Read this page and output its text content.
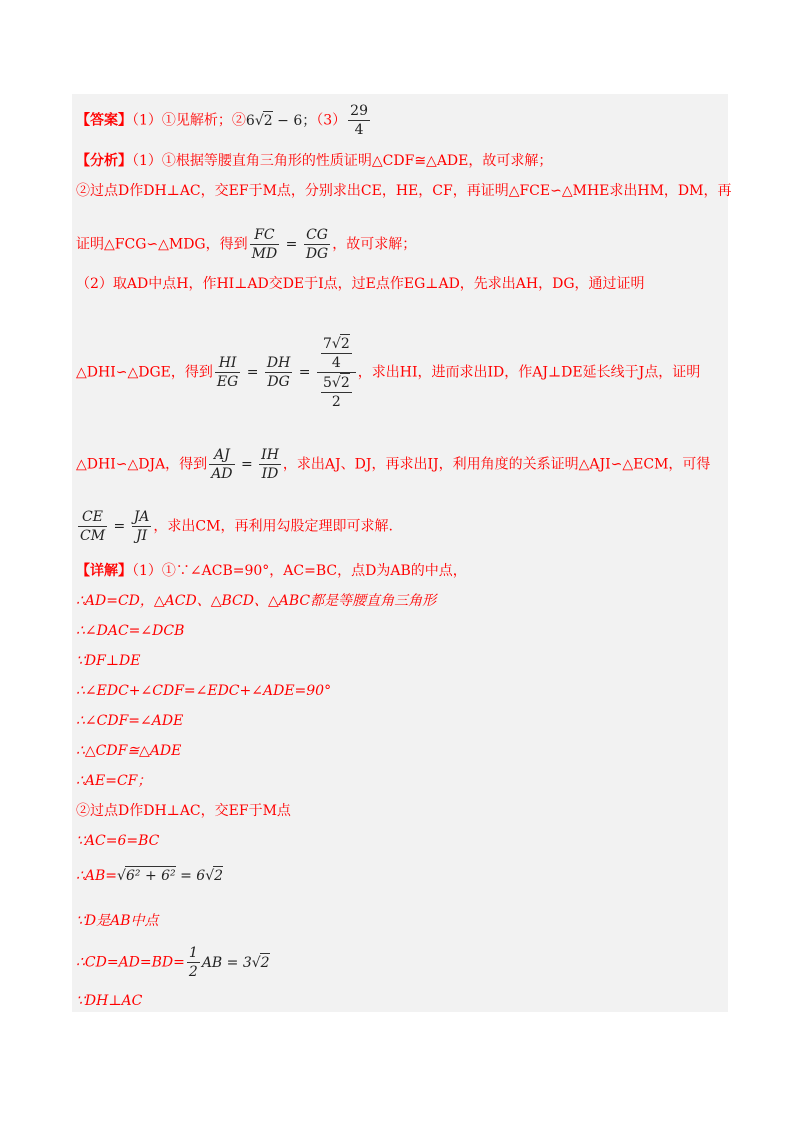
【答案】（1）①见解析；②6√2 − 6；$(3) \frac{29}{4}$
【分析】（1）①根据等腰直角三角形的性质证明△CDF≅△ADE，故可求解；
②过点D作DH⊥AC，交EF于M点，分别求出CE，HE，CF，再证明△FCE∽△MHE求出HM，DM，再
证明△FCG∽△MDG，得到 $\frac{FC}{MD} = \frac{CG}{DG}$ ，故可求解；
（2）取AD中点H，作HI⊥AD交DE于I点，过E点作EG⊥AD，先求出AH，DG，通过证明
△DHI∽△DGE，得到 $\frac{HI}{EG} = \frac{DH}{DG} = \frac{\frac{7√2}{4}}{\frac{5√2}{2}}$ ，求出HI，进而求出ID，作AJ⊥DE延长线于J点，证明
△DHI∽△DJA，得到 $\frac{AJ}{AD} = \frac{IH}{ID}$ ，求出AJ、DJ，再求出IJ，利用角度的关系证明△AJI∽△ECM，可得
$\frac{CE}{CM} = \frac{JA}{JI}$ ，求出CM，再利用勾股定理即可求解.
【详解】（1）①∵∠ACB=90°，AC=BC，点D为AB的中点，
∴AD=CD，△ACD、△BCD、△ABC都是等腰直角三角形
∴∠DAC=∠DCB
∵DF⊥DE
∴∠EDC+∠CDF=∠EDC+∠ADE=90°
∴∠CDF=∠ADE
∴△CDF≅△ADE
∴AE=CF；
②过点D作DH⊥AC，交EF于M点
∵AC=6=BC
∴AB=√6² + 6² = 6√2
∵D是AB中点
∴CD=AD=BD= $\frac{1}{2}$ AB = 3√2
∵DH⊥AC
